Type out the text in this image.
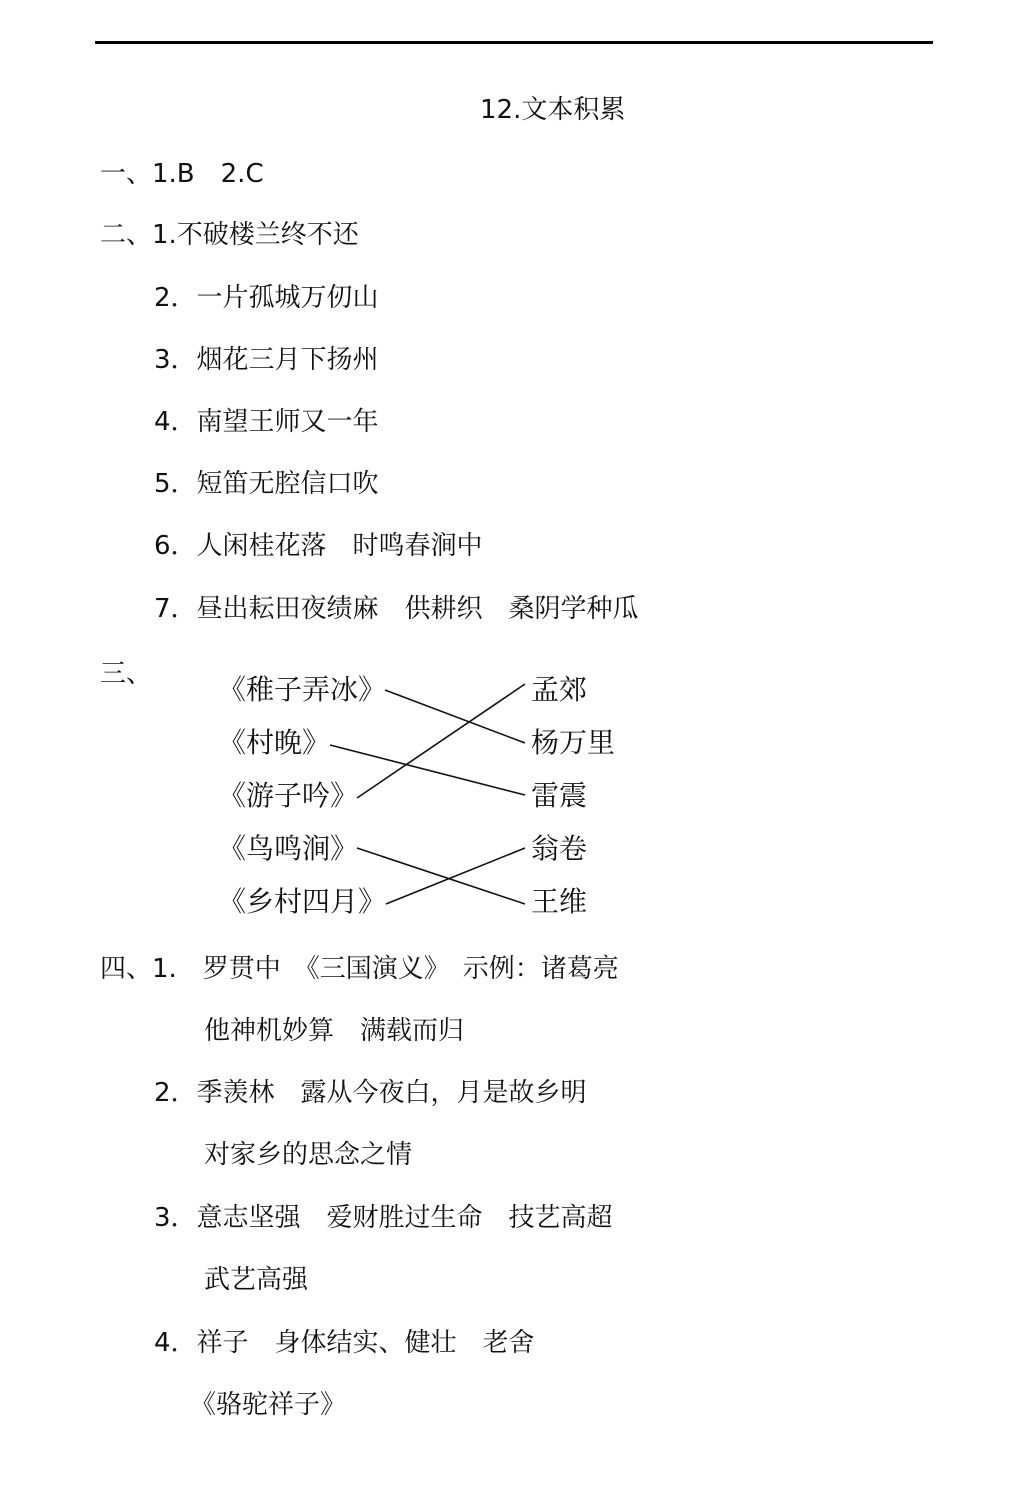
12.文本积累
一、1.B　2.C
二、1.不破楼兰终不还
2．一片孤城万仞山
3．烟花三月下扬州
4．南望王师又一年
5．短笛无腔信口吹
6．人闲桂花落　时鸣春涧中
7．昼出耘田夜绩麻　供耕织　桑阴学种瓜
三、 《稚子弄冰》
《村晚》
《游子吟》
《鸟鸣涧》
《乡村四月》
孟郊
杨万里
雷震
翁卷
王维
四、1.　罗贯中　《三国演义》　示例：诸葛亮
他神机妙算　满载而归
2．季羡林　露从今夜白，月是故乡明
对家乡的思念之情
3．意志坚强　爱财胜过生命　技艺高超
武艺高强
4．祥子　身体结实、健壮　老舍
《骆驼祥子》
